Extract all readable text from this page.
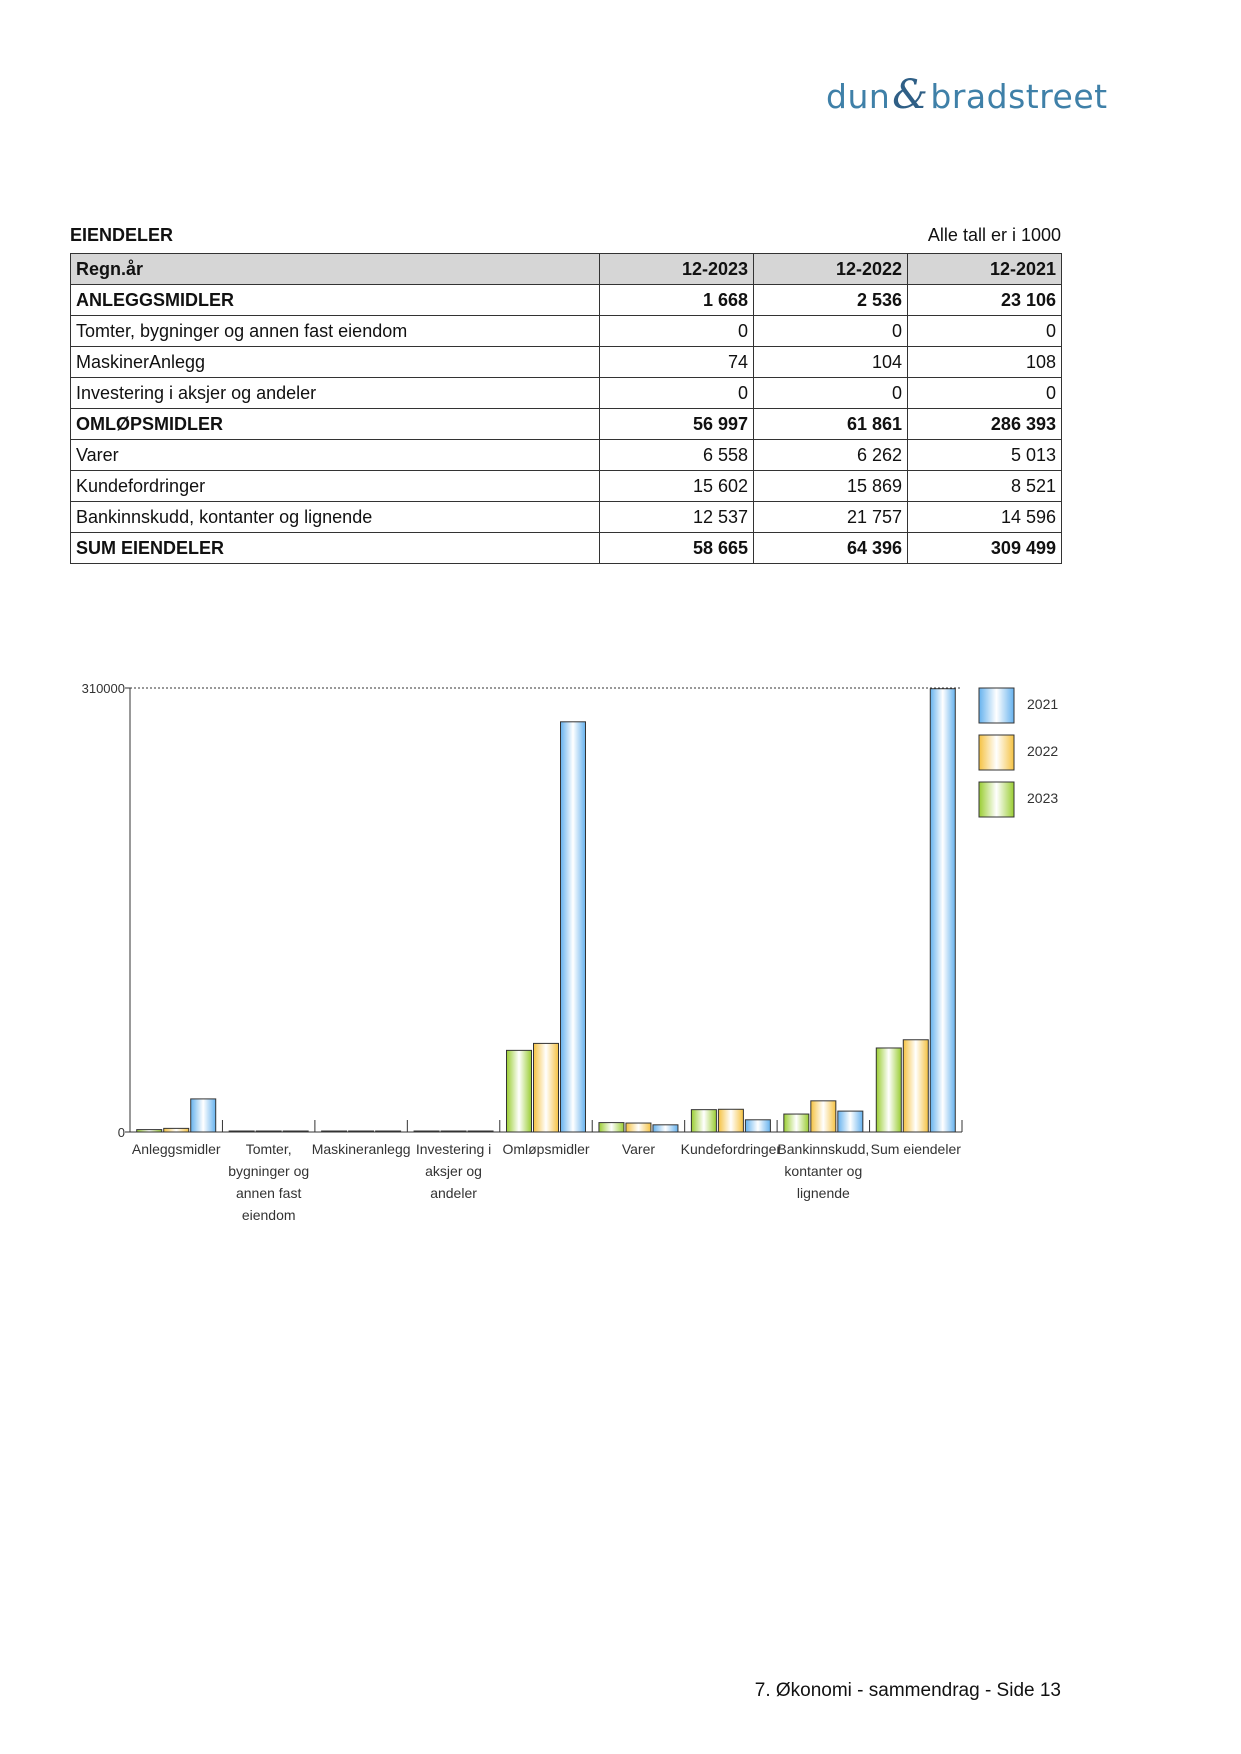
dun&bradstreet
EIENDELER	Alle tall er i 1000
Regn.år	12-2023	12-2022	12-2021
ANLEGGSMIDLER	1 668	2 536	23 106
Tomter, bygninger og annen fast eiendom	0	0	0
MaskinerAnlegg	74	104	108
Investering i aksjer og andeler	0	0	0
OMLØPSMIDLER	56 997	61 861	286 393
Varer	6 558	6 262	5 013
Kundefordringer	15 602	15 869	8 521
Bankinnskudd, kontanter og lignende	12 537	21 757	14 596
SUM EIENDELER	58 665	64 396	309 499
310000
0
Anleggsmidler	Tomter, bygninger og annen fast eiendom
Maskineranlegg Investering i aksjer og andeler
Omløpsmidler Varer Kundefordringer
Bankinnskudd, kontanter og lignende
Sum eiendeler
2021
2022
2023
7. Økonomi - sammendrag - Side 13
